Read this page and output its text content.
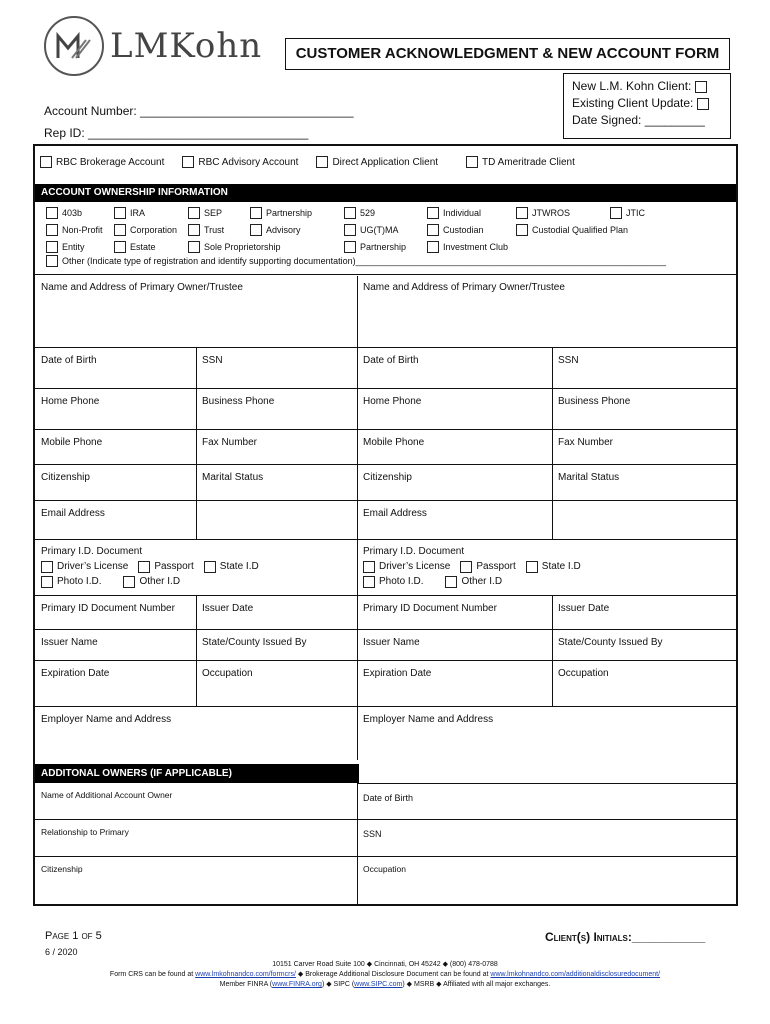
LMKohn	CUSTOMER ACKNOWLEDGMENT & NEW ACCOUNT FORM
New L.M. Kohn Client:

Existing Client Update:

Date Signed: _________
Account Number: ________________________________
Rep ID: _________________________________
RBC Brokerage Account	RBC Advisory Account	Direct Application Client	TD Ameritrade Client
ACCOUNT OWNERSHIP INFORMATION
403b
Non-Profit
Entity
IRA
Corporation
Estate
SEP
Trust
Sole Proprietorship
Partnership
Advisory
529
UG(T)MA
Partnership
Individual
Custodian
Investment Club
JTWROS
Custodial Qualified Plan
JTIC
Other (Indicate type of registration and identify supporting documentation)______________________________________________________________
Name and Address of Primary Owner/Trustee	Name and Address of Primary Owner/Trustee
Date of Birth	SSN	Date of Birth	SSN
Home Phone	Business Phone	Home Phone	Business Phone
Mobile Phone	Fax Number	Mobile Phone	Fax Number
Citizenship	Marital Status	Citizenship	Marital Status
Email Address	Email Address
Primary I.D. Document
Driver’s License	Passport	State I.D
Photo I.D.	Other I.D
Primary I.D. Document
Driver’s License	Passport	State I.D
Photo I.D.	Other I.D
Primary ID Document Number	Issuer Date	Primary ID Document Number	Issuer Date
Issuer Name	State/County Issued By	Issuer Name	State/County Issued By
Expiration Date	Occupation	Expiration Date	Occupation
Employer Name and Address	Employer Name and Address
ADDITONAL OWNERS (IF APPLICABLE)
Name of Additional Account Owner	Date of Birth
Relationship to Primary	SSN
Citizenship	Occupation
Page 1 of 5
6 / 2020
Client(s) Initials:___________
10151 Carver Road Suite 100 ◆ Cincinnati, OH 45242 ◆ (800) 478-0788
Form CRS can be found at www.lmkohnandco.com/formcrs/ ◆ Brokerage Additional Disclosure Document can be found at www.lmkohnandco.com/additionaldisclosuredocument/
Member FINRA (www.FINRA.org) ◆ SIPC (www.SIPC.com) ◆ MSRB ◆ Affiliated with all major exchanges.
